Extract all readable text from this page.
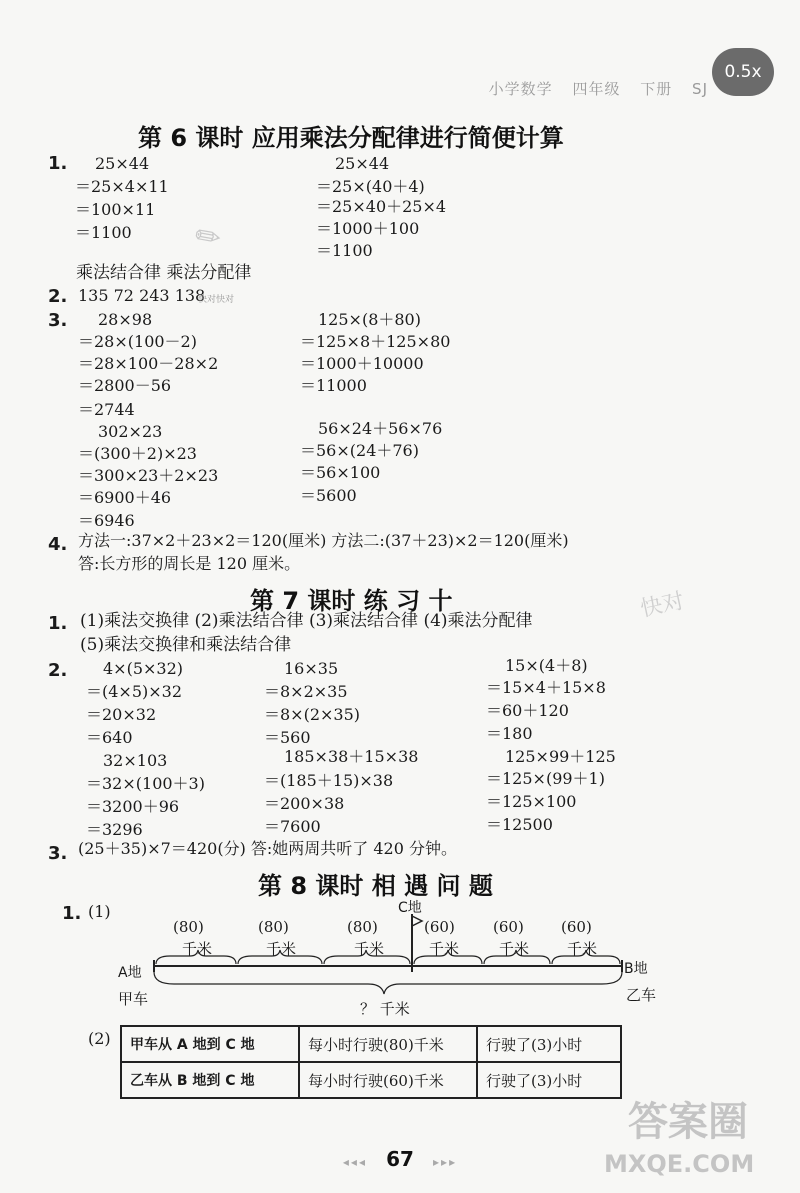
小学数学 四年级 下册 SJ
0.5x
第 6 课时 应用乘法分配律进行简便计算
1. 25×44
＝25×4×11
＝100×11
＝1100
25×44
＝25×(40＋4)
＝25×40＋25×4
＝1000＋100
＝1100
乘法结合律 乘法分配律
2. 135 72 243 138
3. 28×98
＝28×(100－2)
＝28×100－28×2
＝2800－56
＝2744
125×(8＋80)
＝125×8＋125×80
＝1000＋10000
＝11000
302×23
＝(300＋2)×23
＝300×23＋2×23
＝6900＋46
＝6946
56×24＋56×76
＝56×(24＋76)
＝56×100
＝5600
4. 方法一:37×2＋23×2＝120(厘米) 方法二:(37＋23)×2＝120(厘米)
答:长方形的周长是 120 厘米。
第 7 课时 练 习 十
1. (1)乘法交换律 (2)乘法结合律 (3)乘法结合律 (4)乘法分配律
(5)乘法交换律和乘法结合律
2. 4×(5×32)
＝(4×5)×32
＝20×32
＝640
16×35
＝8×2×35
＝8×(2×35)
＝560
15×(4＋8)
＝15×4＋15×8
＝60＋120
＝180
32×103
＝32×(100＋3)
＝3200＋96
＝3296
185×38＋15×38
＝(185＋15)×38
＝200×38
＝7600
125×99＋125
＝125×(99＋1)
＝125×100
＝12500
3. (25＋35)×7＝420(分) 答:她两周共听了 420 分钟。
第 8 课时 相 遇 问 题
1. (1)	C地
(80)	(80)	(80)	(60)	(60) (60)
千米	千米	千米	千米	千米	千米
A地	B地
甲车	乙车
？ 千米
(2) 甲车从 A 地到 C 地	每小时行驶(80)千米	行驶了(3)小时
乙车从 B 地到 C 地	每小时行驶(60)千米	行驶了(3)小时
✎
快对快对
快对
答案圈
MXQE.COM
◂◂◂ 67 ▸▸▸
